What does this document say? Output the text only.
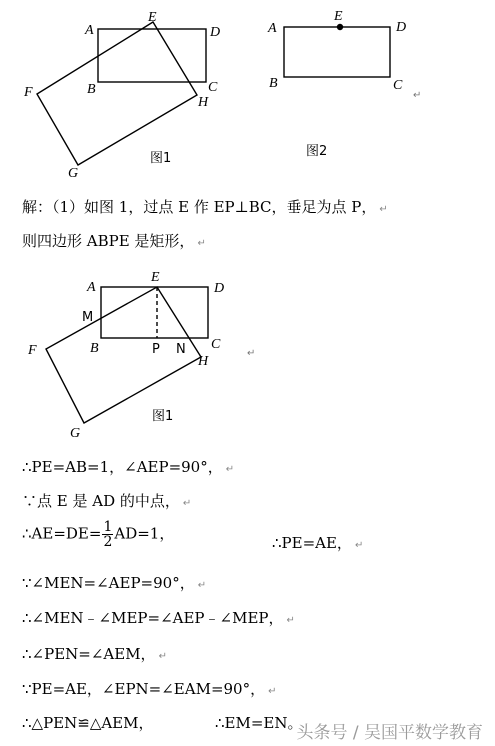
A
E
D
B	C
F
H
G
图1
A
E
D
B	C
↵
图2
解：（1）如图 1，过点 E 作 EP⊥BC，垂足为点 P， ↵
则四边形 ABPE 是矩形， ↵
A
E
D
M
B	P N C
H
F
G
↵
图1
∴PE=AB=1，∠AEP=90°， ↵
∵点 E 是 AD 的中点， ↵
∴AE=DE= $\frac{1}{2} AD=1$，
∴PE=AE， ↵
∵∠MEN=∠AEP=90°， ↵
∴∠MEN﹣∠MEP=∠AEP﹣∠MEP， ↵
∴∠PEN=∠AEM， ↵
∵PE=AE，∠EPN=∠EAM=90°， ↵
∴△PEN≌△AEM，	∴EM=EN。
头条号 / 吴国平数学教育
